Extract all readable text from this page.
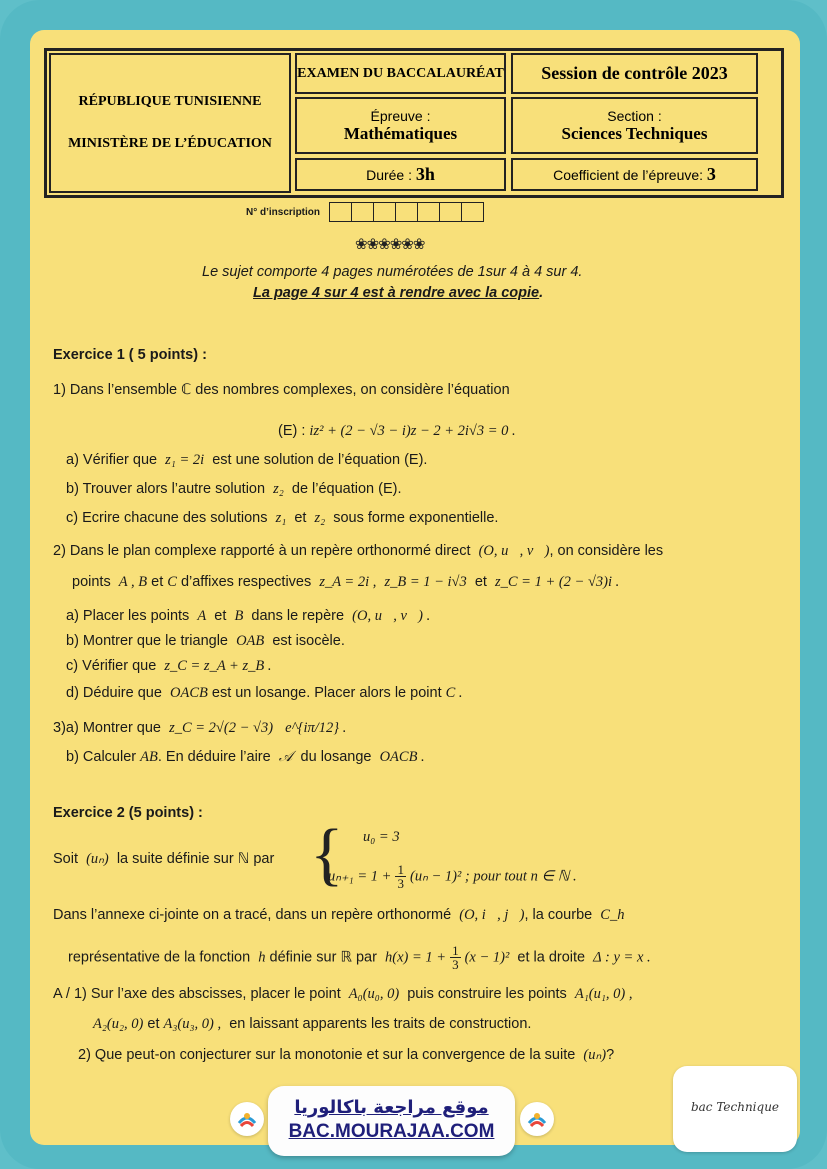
RÉPUBLIQUE TUNISIENNE
MINISTÈRE DE L’ÉDUCATION
EXAMEN DU BACCALAURÉAT Session de contrôle 2023
Épreuve :
Mathématiques
Section :
Sciences Techniques
Durée :
3h	Coefficient de l’épreuve:
3
N° d’inscription
❀❀❀❀❀❀
Le sujet comporte 4 pages numérotées de 1sur 4 à 4 sur 4.
La page 4 sur 4 est à rendre avec la copie.
Exercice 1 ( 5 points) :
1) Dans l’ensemble ℂ des nombres complexes, on considère l’équation
(E) : iz² + (2 − √3 − i)z − 2 + 2i√3 = 0 .
a) Vérifier que z₁ = 2i est une solution de l’équation (E).
b) Trouver alors l’autre solution z₂ de l’équation (E).
c) Ecrire chacune des solutions z₁ et z₂ sous forme exponentielle.
2) Dans le plan complexe rapporté à un repère orthonormé direct (O, u⃗, v⃗), on considère les
points A , B et C d’affixes respectives z_A = 2i , z_B = 1 − i√3 et z_C = 1 + (2 − √3)i .
a) Placer les points A et B dans le repère (O, u⃗, v⃗) .
b) Montrer que le triangle OAB est isocèle.
c) Vérifier que z_C = z_A + z_B .
d) Déduire que OACB est un losange. Placer alors le point C .
3)a) Montrer que z_C = 2√(2 − √3) e^{iπ/12} .
b) Calculer AB. En déduire l’aire 𝒜 du losange OACB .
Exercice 2 (5 points) :
Soit (uₙ) la suite définie sur ℕ par { u₀ = 3
$u_{n+1} = 1 + \frac{1}{3} (u_n - 1)^2$ ; pour tout n ∈ ℕ .
Dans l’annexe ci-jointe on a tracé, dans un repère orthonormé (O, i⃗, j⃗), la courbe C_h
représentative de la fonction h définie sur ℝ par $h(x) = 1 + \frac{1}{3} (x - 1)^2$ et la droite Δ : y = x .
A / 1) Sur l’axe des abscisses, placer le point A₀(u₀, 0) puis construire les points A₁(u₁, 0) ,
A₂(u₂, 0) et A₃(u₃, 0) , en laissant apparents les traits de construction.
2) Que peut-on conjecturer sur la monotonie et sur la convergence de la suite (uₙ)?
موقع مراجعة باكالوريا
BAC.MOURAJAA.COM
bac Technique
